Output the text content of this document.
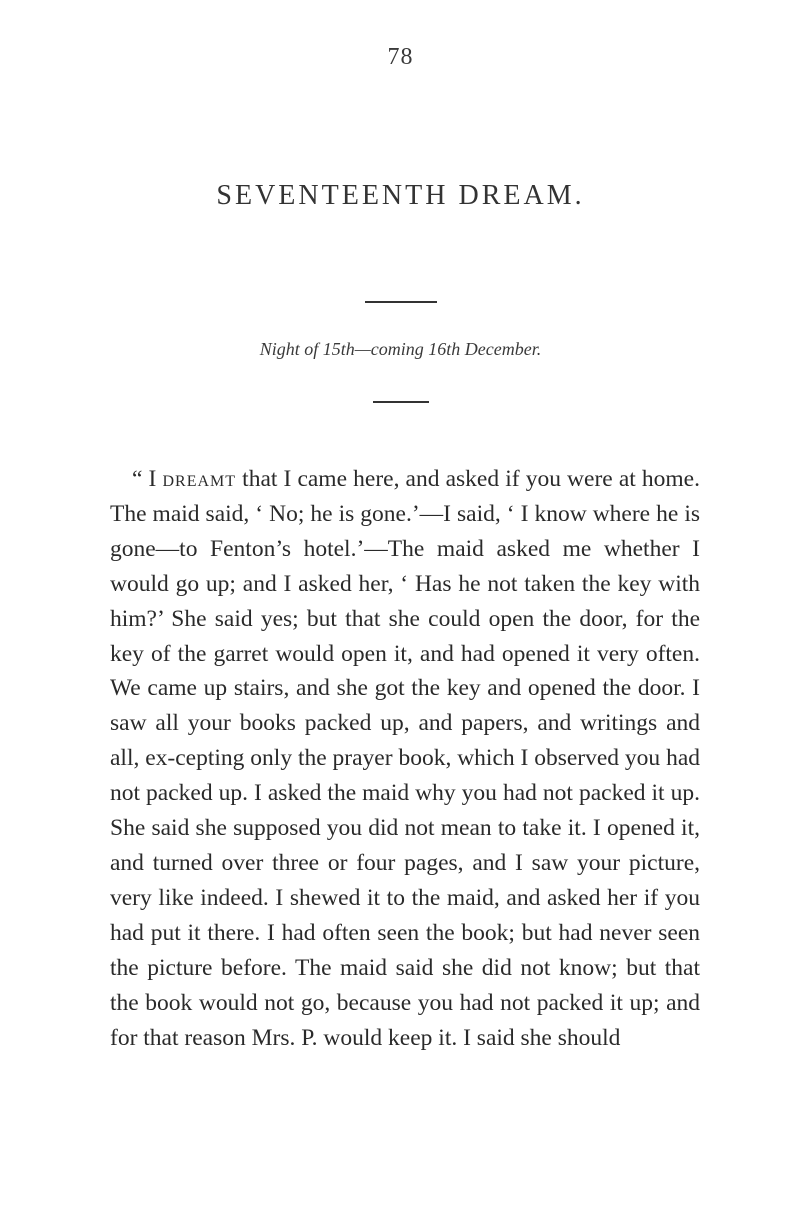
78
SEVENTEENTH DREAM.
Night of 15th—coming 16th December.

“ I dreamt that I came here, and asked if you were at home. The maid said, ‘ No; he is gone.’—I said, ‘ I know where he is gone—to Fenton’s hotel.’—The maid asked me whether I would go up; and I asked her, ‘ Has he not taken the key with him?’ She said yes; but that she could open the door, for the key of the garret would open it, and had opened it very often. We came up stairs, and she got the key and opened the door. I saw all your books packed up, and papers, and writings and all, ex-cepting only the prayer book, which I observed you had not packed up. I asked the maid why you had not packed it up. She said she supposed you did not mean to take it. I opened it, and turned over three or four pages, and I saw your picture, very like indeed. I shewed it to the maid, and asked her if you had put it there. I had often seen the book; but had never seen the picture before. The maid said she did not know; but that the book would not go, because you had not packed it up; and for that reason Mrs. P. would keep it. I said she should
